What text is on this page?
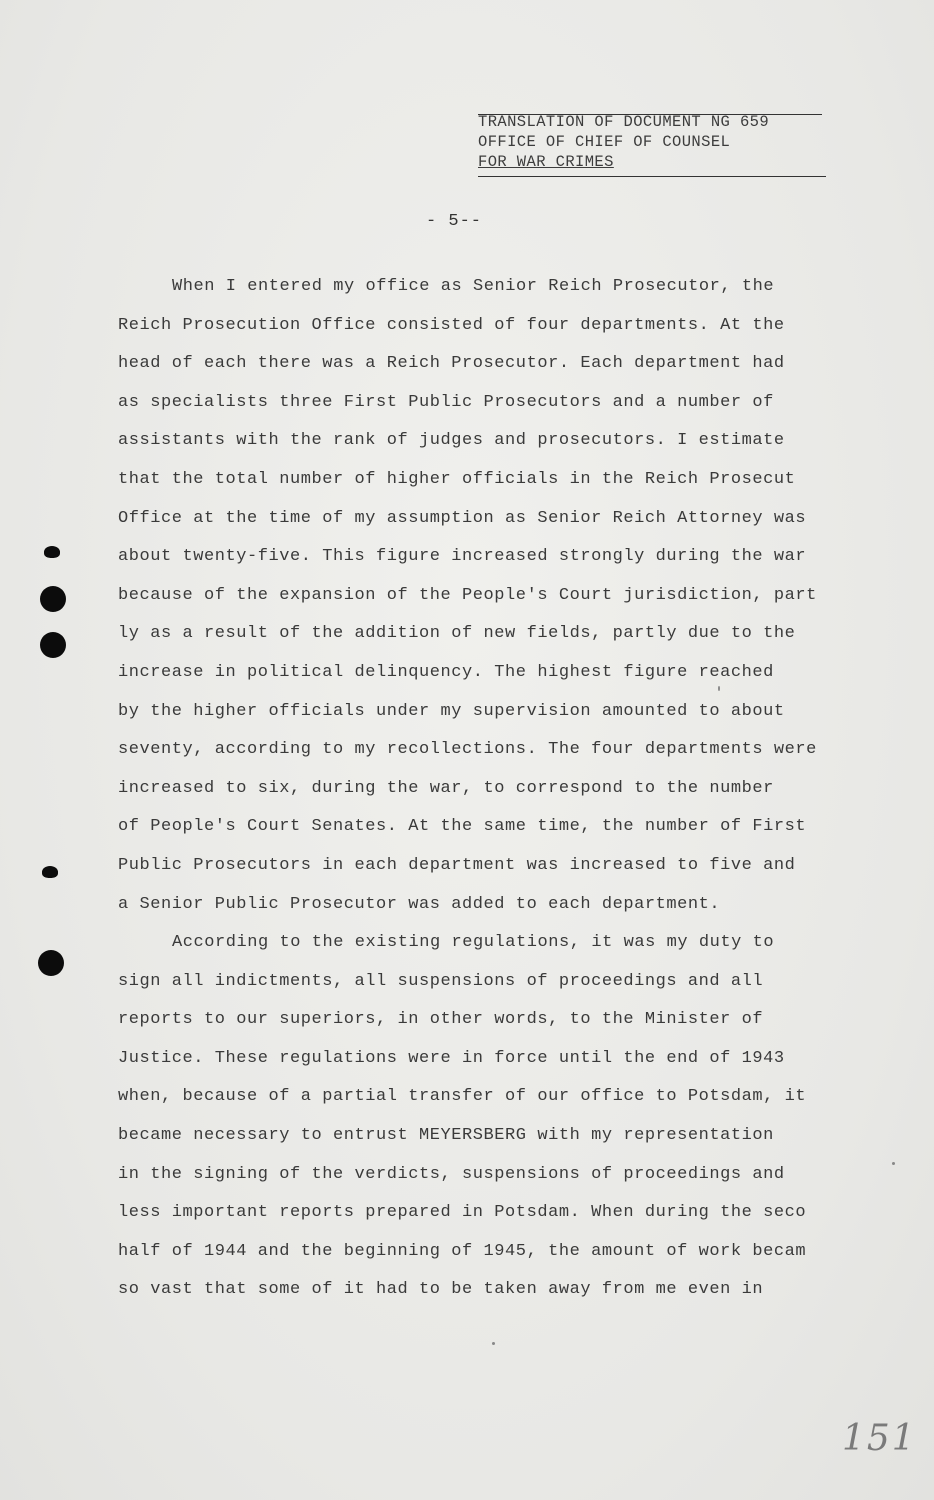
TRANSLATION OF DOCUMENT NG 659
OFFICE OF CHIEF OF COUNSEL
FOR WAR CRIMES
- 5--
When I entered my office as Senior Reich Prosecutor, the
Reich Prosecution Office consisted of four departments. At the
head of each there was a Reich Prosecutor. Each department had
as specialists three First Public Prosecutors and a number of
assistants with the rank of judges and prosecutors. I estimate
that the total number of higher officials in the Reich Prosecut
Office at the time of my assumption as Senior Reich Attorney was
about twenty-five. This figure increased strongly during the war
because of the expansion of the People's Court jurisdiction, part
ly as a result of the addition of new fields, partly due to the
increase in political delinquency. The highest figure reached
by the higher officials under my supervision amounted to about
seventy, according to my recollections. The four departments were
increased to six, during the war, to correspond to the number
of People's Court Senates. At the same time, the number of First
Public Prosecutors in each department was increased to five and
a Senior Public Prosecutor was added to each department.
According to the existing regulations, it was my duty to
sign all indictments, all suspensions of proceedings and all
reports to our superiors, in other words, to the Minister of
Justice. These regulations were in force until the end of 1943
when, because of a partial transfer of our office to Potsdam, it
became necessary to entrust MEYERSBERG with my representation
in the signing of the verdicts, suspensions of proceedings and
less important reports prepared in Potsdam. When during the seco
half of 1944 and the beginning of 1945, the amount of work becam
so vast that some of it had to be taken away from me even in
151
